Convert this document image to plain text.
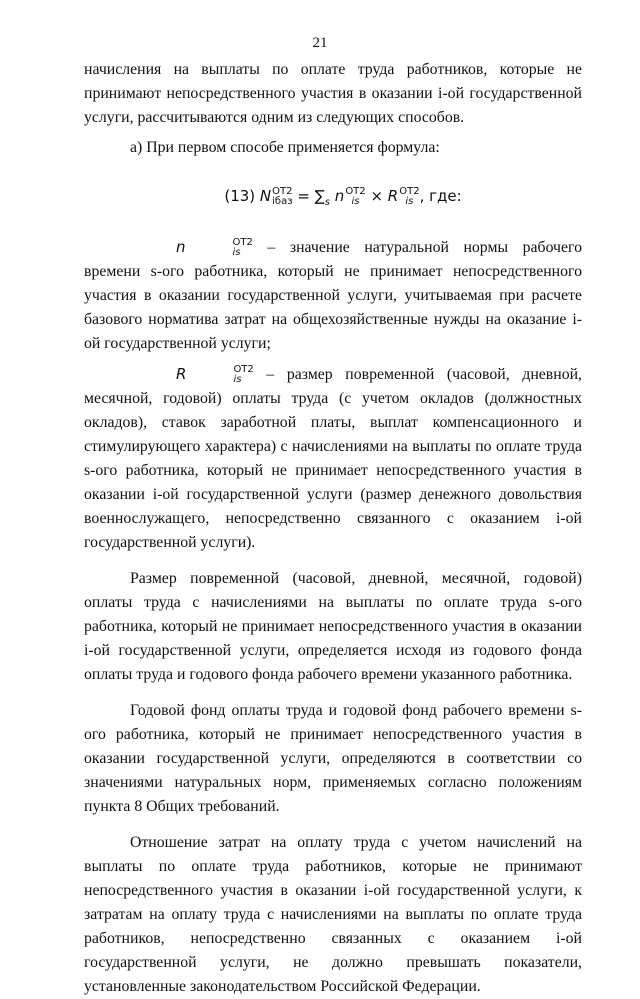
21

начисления на выплаты по оплате труда работников, которые не принимают непосредственного участия в оказании i-ой государственной услуги, рассчитываются одним из следующих способов.

а) При первом способе применяется формула:

(13) N ОТ2
iбаз = $\sum_s$ n ОТ2
is × R ОТ2
is , где:

n	ОТ2
is – значение натуральной нормы рабочего времени s-ого работника, который не принимает непосредственного участия в оказании государственной услуги, учитываемая при расчете базового норматива затрат на общехозяйственные нужды на оказание i-ой государственной услуги;

R	ОТ2
is – размер повременной (часовой, дневной, месячной, годовой) оплаты труда (с учетом окладов (должностных окладов), ставок заработной платы, выплат компенсационного и стимулирующего характера) с начислениями на выплаты по оплате труда s-ого работника, который не принимает непосредственного участия в оказании i-ой государственной услуги (размер денежного довольствия военнослужащего, непосредственно связанного с оказанием i-ой государственной услуги).

Размер повременной (часовой, дневной, месячной, годовой) оплаты труда с начислениями на выплаты по оплате труда s-ого работника, который не принимает непосредственного участия в оказании i-ой государственной услуги, определяется исходя из годового фонда оплаты труда и годового фонда рабочего времени указанного работника.

Годовой фонд оплаты труда и годовой фонд рабочего времени s-ого работника, который не принимает непосредственного участия в оказании государственной услуги, определяются в соответствии со значениями натуральных норм, применяемых согласно положениям пункта 8 Общих требований.

Отношение затрат на оплату труда с учетом начислений на выплаты по оплате труда работников, которые не принимают непосредственного участия в оказании i-ой государственной услуги, к затратам на оплату труда с начислениями на выплаты по оплате труда работников, непосредственно связанных с оказанием i-ой государственной услуги, не должно превышать показатели, установленные законодательством Российской Федерации.
